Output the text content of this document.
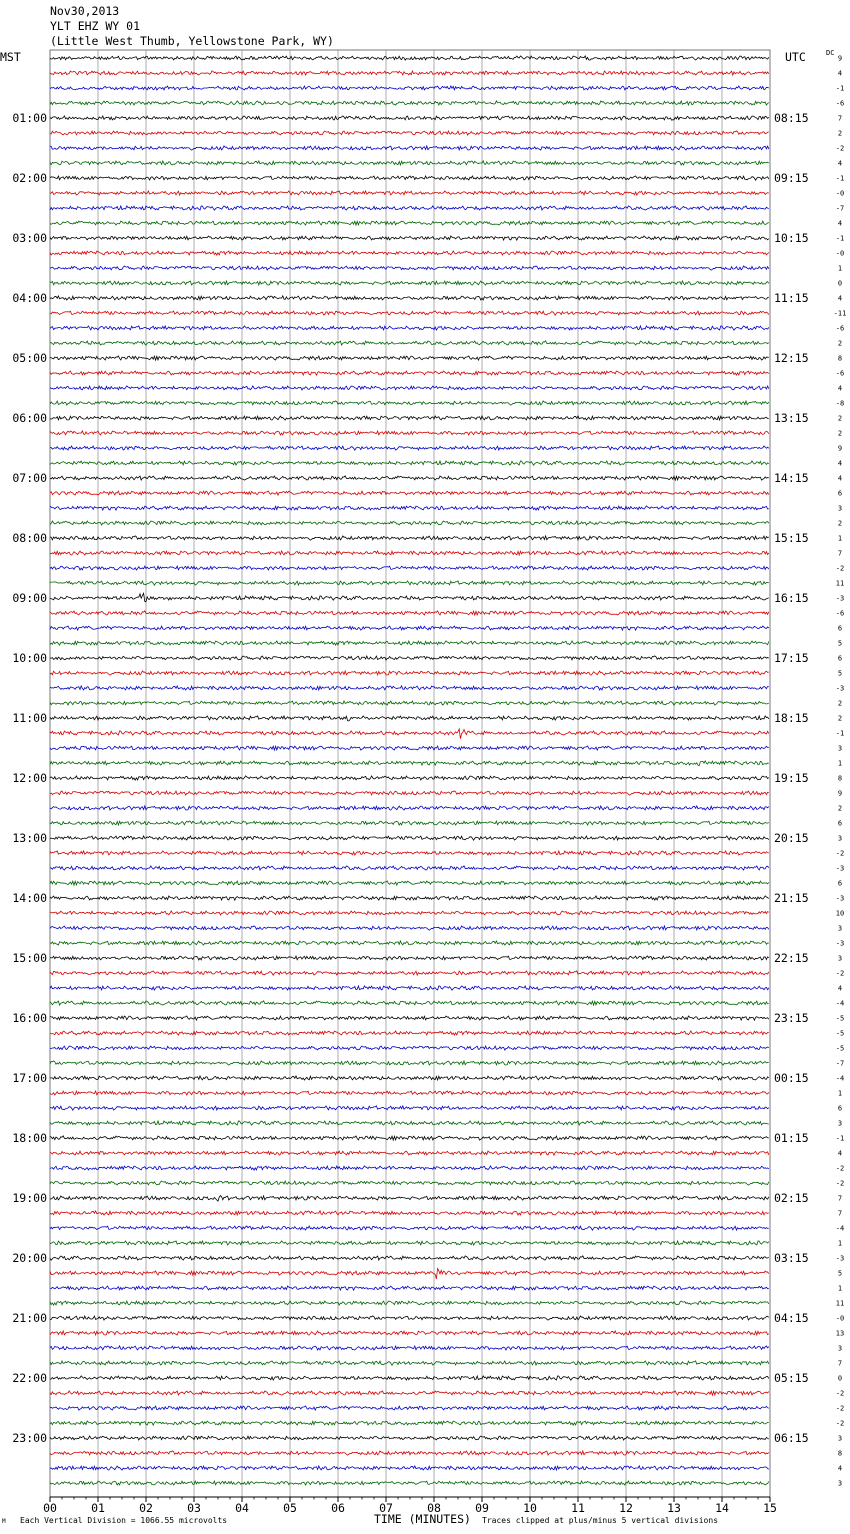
00	01	02	03	04	05	06	07	08	09	10	11	12	13	14	15
01:00	08:15
02:00	09:15
03:00	10:15
04:00	11:15
05:00	12:15
06:00	13:15
07:00	14:15
08:00	15:15
09:00	16:15
10:00	17:15
11:00	18:15
12:00	19:15
13:00	20:15
14:00	21:15
15:00	22:15
16:00	23:15
17:00	00:15
18:00	01:15
19:00	02:15
20:00	03:15
21:00	04:15
22:00	05:15
23:00	06:15
9
4
-1
-6
7
2
-2
4
-1
-0
-7
4
-1
-0
1
0
4
-11
-6
2
8
-6
4
-8
2
2
9
4
4
6
3
2
1
7
-2
11
-3
-6
6
5
6
5
-3
2
2
-1
3
1
8
9
2
6
3
-2
-3
6
-3
10
3
-3
3
-2
4
-4
-5
-5
-5
-7
-4
1
6
3
-1
4
-2
-2
7
7
-4
1
-3
5
1
11
-0
13
3
7
0
-2
-2
-2
3
8
4
3
Nov30,2013
YLT EHZ WY 01
(Little West Thumb, Yellowstone Park, WY)
MST	UTC	DC
M Each Vertical Division = 1066.55 microvolts	TIME (MINUTES) Traces clipped at plus/minus 5 vertical divisions
